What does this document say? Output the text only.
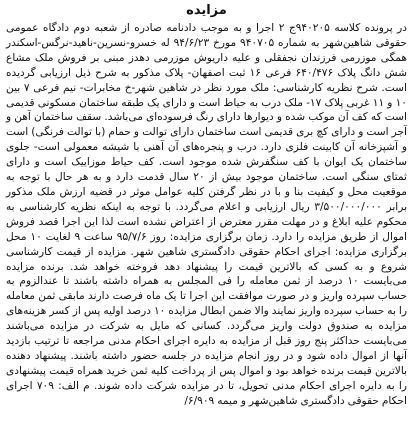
مزایده

در پرونده کلاسه ۹۴۰۲۰۵ج ۲ اجرا و به موجب دادنامه صادره از شعبه دوم دادگاه عمومی حقوقی شاهین‌شهر به شماره ۹۴۰۷۰۵ مورخ ۹۴/۶/۲۳ له خسرو-نسرین-ناهید-نرگس-اسکندر همگی موزرمی فرزندان نجفقلی و علیه داریوش موزرمی دهدز مبنی بر فروش ملک مشاع شش دانگ پلاک ۶۴۰/۴۷۶ فرعی ۱۶ ثبت اصفهان- پلاک مذکور به شرح ذیل ارزیابی گردیده است. شرح نظریه کارشناسی: ملک مورد نظر در شاهین شهر-خ مخابرات- نیم فرعی ۷ بین ۱۰ و ۱۱ غربی پلاک ۱۷- ملک درب به حیاط است و دارای یک طبقه ساختمان مسکونی قدیمی است که کف آن موکب شده و دیوارها دارای رنگ فرسوده‌ای می‌باشد. سقف ساختمان آهن و آجر است و دارای کچ بری قدیمی است ساختمان دارای توالت و حمام (با توالت فرنگی) است و آشپزخانه آن کابینت فلزی دارد. درب و پنجره‌های آن آهنی با شیشه معمولی است- جلوی ساختمان یک ایوان با کف سنگفرش شده موجود است. کف حیاط موزاییک است و دارای ثمتای سنگی است. ساختمان موجود بیش از ۲۰ سال قدمت دارد و به هر حال با توجه به موقعیت محل و کیفیت بنا و با در نظر گرفتن کلیه عوامل موثر در قضیه ارزش ملک مذکور برابر ۳/۵۰۰/۰۰۰/۰۰۰ ریال ارزیابی و اعلام می‌گردد. با توجه به اینکه نظریه کارشناسی به محکوم علیه ابلاغ و در مهلت مقرر معترض از اعتراض نشده است لذا این اجرا قصد فروش اموال از طریق مزایده را دارد. زمان برگزاری مزایده: روز ۹۵/۷/۶ ساعت ۹ لغایت ۱۰ محل برگزاری مزایده: اجرای احکام حقوقی دادگستری شاهین شهر. مزایده از قیمت کارشناسی شروع و به کسی که بالاترین قیمت را پیشنهاد دهد فروخته خواهد شد. برنده مزایده می‌بایست ۱۰ درصد از ثمن معامله را فی المجلس به همراه داشته باشند تا عندالزوم به حساب سپرده واریز و در صورت موافقت این اجرا تا یک ماه فرصت دارند مابقی ثمن معامله را به حساب سپرده واریز نمایند والا ضمن ابطال مزایده ۱۰ درصد اولیه پس از کسر هزینه‌های مزایده به صندوق دولت واریز می‌گردد. کسانی که مایل به شرکت در مزایده می‌باشند می‌بایست حداکثر پنج روز قبل از مزایده به دایره اجرای احکام مدنی مراجعه تا ترتیب بازدید آنها از اموال داده شود و در روز انجام مزایده در جلسه حضور داشته باشند. پیشنهاد دهنده بالاترین قیمت برنده خواهد بود و اموال پس از پرداخت کلیه ثمن خرید همراه قیمت پیشنهادی را به دایره اجرای احکام مدنی تحویل، تا در مزایده شرکت داده شوند. م الف: ۷۰۹ اجرای احکام حقوقی دادگستری شاهین‌شهر و میمه ۶/۹۰۹/
